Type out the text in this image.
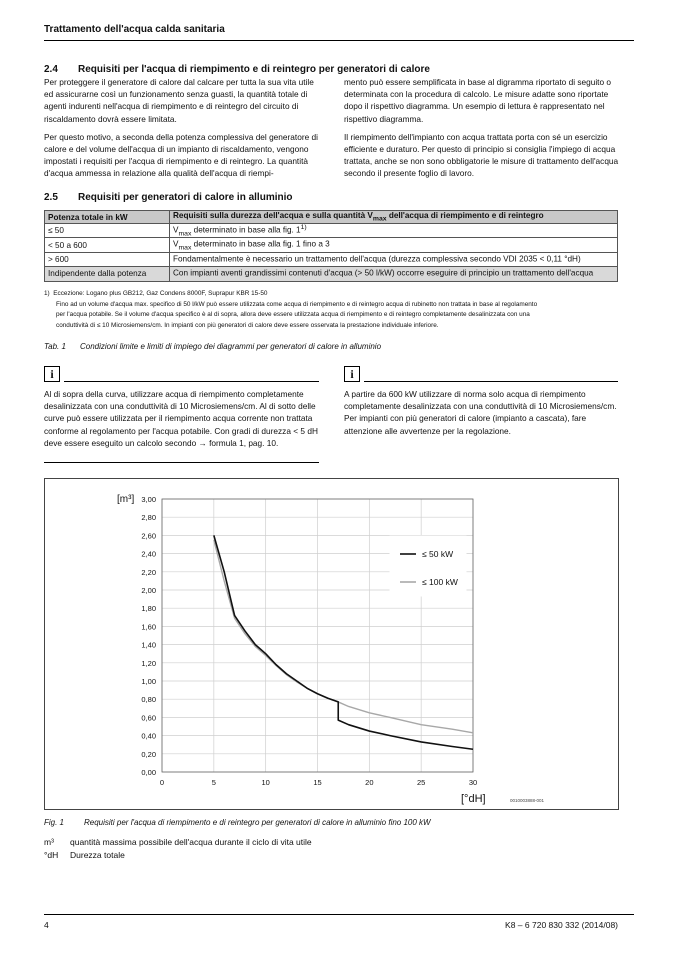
Trattamento dell'acqua calda sanitaria
2.4 Requisiti per l'acqua di riempimento e di reintegro per generatori di calore

Per proteggere il generatore di calore dal calcare per tutta la sua vita utile ed assicurarne così un funzionamento senza guasti, la quantità totale di agenti indurenti nell'acqua di riempimento e di reintegro del circuito di riscaldamento dovrà essere limitata.

Per questo motivo, a seconda della potenza complessiva del generatore di calore e del volume dell'acqua di un impianto di riscaldamento, vengono impostati i requisiti per l'acqua di riempimento e di reintegro. La quantità d'acqua ammessa in relazione alla qualità dell'acqua di riempi-

mento può essere semplificata in base al digramma riportato di seguito o determinata con la procedura di calcolo. Le misure adatte sono riportate dopo il rispettivo diagramma. Un esempio di lettura è rappresentato nel rispettivo diagramma.

Il riempimento dell'impianto con acqua trattata porta con sé un esercizio efficiente e duraturo. Per questo di principio si consiglia l'impiego di acqua trattata, anche se non sono obbligatorie le misure di trattamento dell'acqua secondo il presente foglio di lavoro.

2.5 Requisiti per generatori di calore in alluminio
Potenza totale in kW	Requisiti sulla durezza dell'acqua e sulla quantità $V_{max}$ dell'acqua di riempimento e di reintegro
≤ 50	$V_{max}$ determinato in base alla fig. $1^{1)}$
< 50 a 600	$V_{max}$ determinato in base alla fig. 1 fino a 3
> 600	Fondamentalmente è necessario un trattamento dell'acqua (durezza complessiva secondo VDI 2035 < 0,11 °dH)
Indipendente dalla potenza	Con impianti aventi grandissimi contenuti d'acqua (> 50 l/kW) occorre eseguire di principio un trattamento dell'acqua
1) Eccezione: Logano plus GB212, Gaz Condens 8000F, Suprapur KBR 15-50
Fino ad un volume d'acqua max. specifico di 50 l/kW può essere utilizzata come acqua di riempimento e di reintegro acqua di rubinetto non trattata in base al regolamento
per l'acqua potabile. Se il volume d'acqua specifico è al di sopra, allora deve essere utilizzata acqua di riempimento e di reintegro completamente desalinizzata con una
conduttività di ≤ 10 Microsiemens/cm. In impianti con più generatori di calore deve essere osservata la prestazione individuale inferiore.
Tab. 1 Condizioni limite e limiti di impiego dei diagrammi per generatori di calore in alluminio
i
Al di sopra della curva, utilizzare acqua di riempimento completamente desalinizzata con una conduttività di 10 Microsiemens/cm. Al di sotto delle curve può essere utilizzata per il riempimento acqua corrente non trattata conforme al regolamento per l'acqua potabile. Con gradi di durezza < 5 dH deve essere eseguito un calcolo secondo → formula 1, pag. 10.
i
A partire da 600 kW utilizzare di norma solo acqua di riempimento completamente desalinizzata con una conduttività di 10 Microsiemens/cm. Per impianti con più generatori di calore (impianto a cascata), fare attenzione alle avvertenze per la regolazione.
0,00
0,20
0,40
0,60
0,80
1,00
1,20
1,40
1,60
1,80
2,00
2,20
2,40
2,60
2,80
3,00
0	5	10	15	20	25	30
[m³]
[°dH]	0010003888-001
≤ 50 kW
≤ 100 kW
Fig. 1 Requisiti per l'acqua di riempimento e di reintegro per generatori di calore in alluminio fino 100 kW
m³ quantità massima possibile dell'acqua durante il ciclo di vita utile
°dH Durezza totale
4	K8 – 6 720 830 332 (2014/08)
